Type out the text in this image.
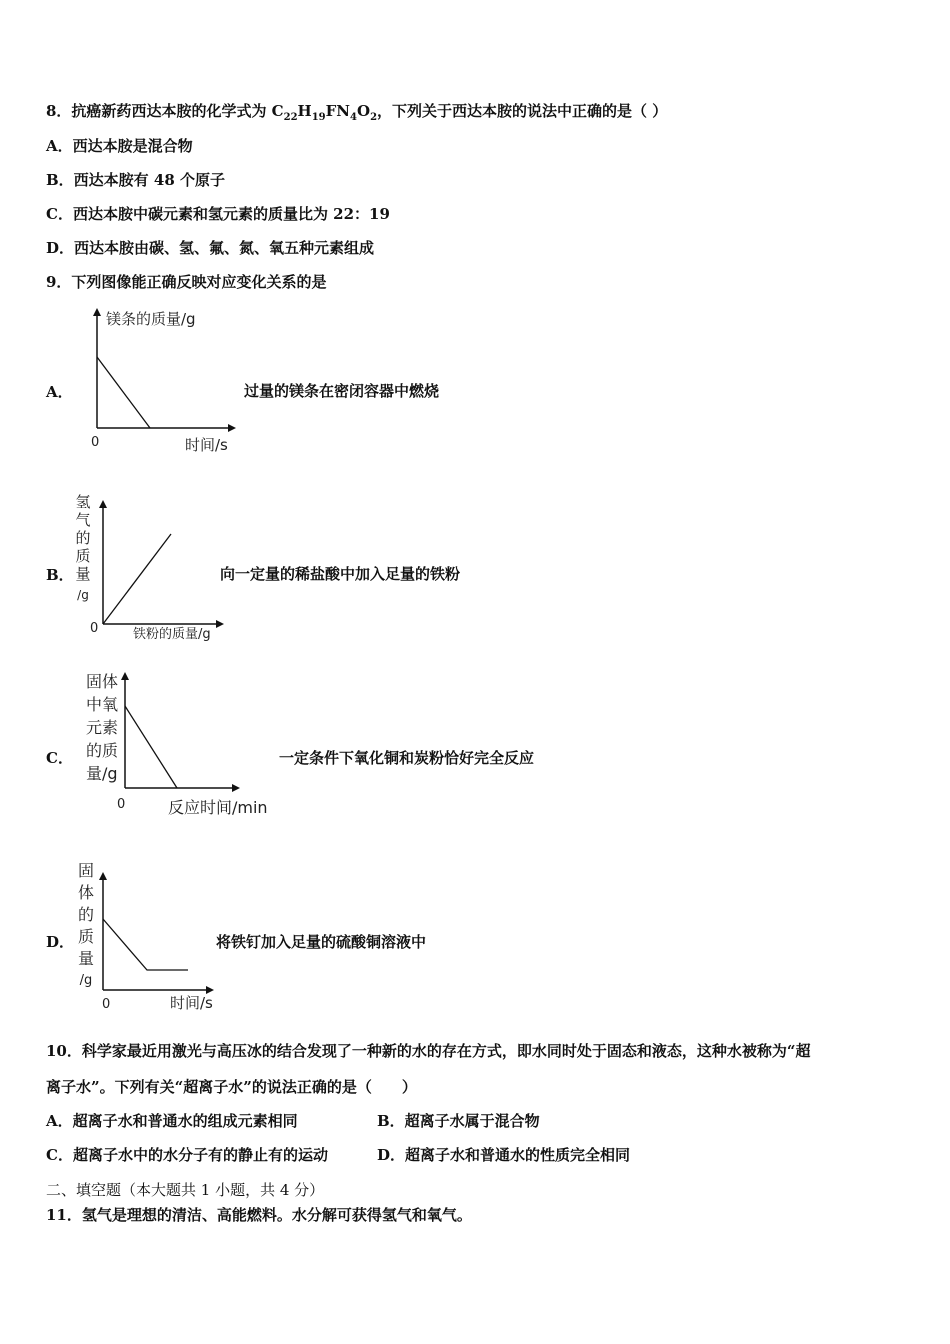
8．抗癌新药西达本胺的化学式为 $C_{22}H_{19}FN_4O_2$，下列关于西达本胺的说法中正确的是（ ）
A．西达本胺是混合物
B．西达本胺有 48 个原子
C．西达本胺中碳元素和氢元素的质量比为 22：19
D．西达本胺由碳、氢、氟、氮、氧五种元素组成
9．下列图像能正确反映对应变化关系的是
A．
镁条的质量/g
0	时间/s
过量的镁条在密闭容器中燃烧
B．
氢
气
的
质
量
/g
0	铁粉的质量/g
向一定量的稀盐酸中加入足量的铁粉
C．
固体
中氧
元素
的质
量/g
0	反应时间/min
一定条件下氧化铜和炭粉恰好完全反应
D．
固
体
的
质
量
/g
0	时间/s
将铁钉加入足量的硫酸铜溶液中
10．科学家最近用激光与高压冰的结合发现了一种新的水的存在方式，即水同时处于固态和液态，这种水被称为“超
离子水”。下列有关“超离子水”的说法正确的是（　　）
A．超离子水和普通水的组成元素相同	B．超离子水属于混合物
C．超离子水中的水分子有的静止有的运动	D．超离子水和普通水的性质完全相同
二、填空题（本大题共 1 小题，共 4 分）
11．氢气是理想的清洁、高能燃料。水分解可获得氢气和氧气。
